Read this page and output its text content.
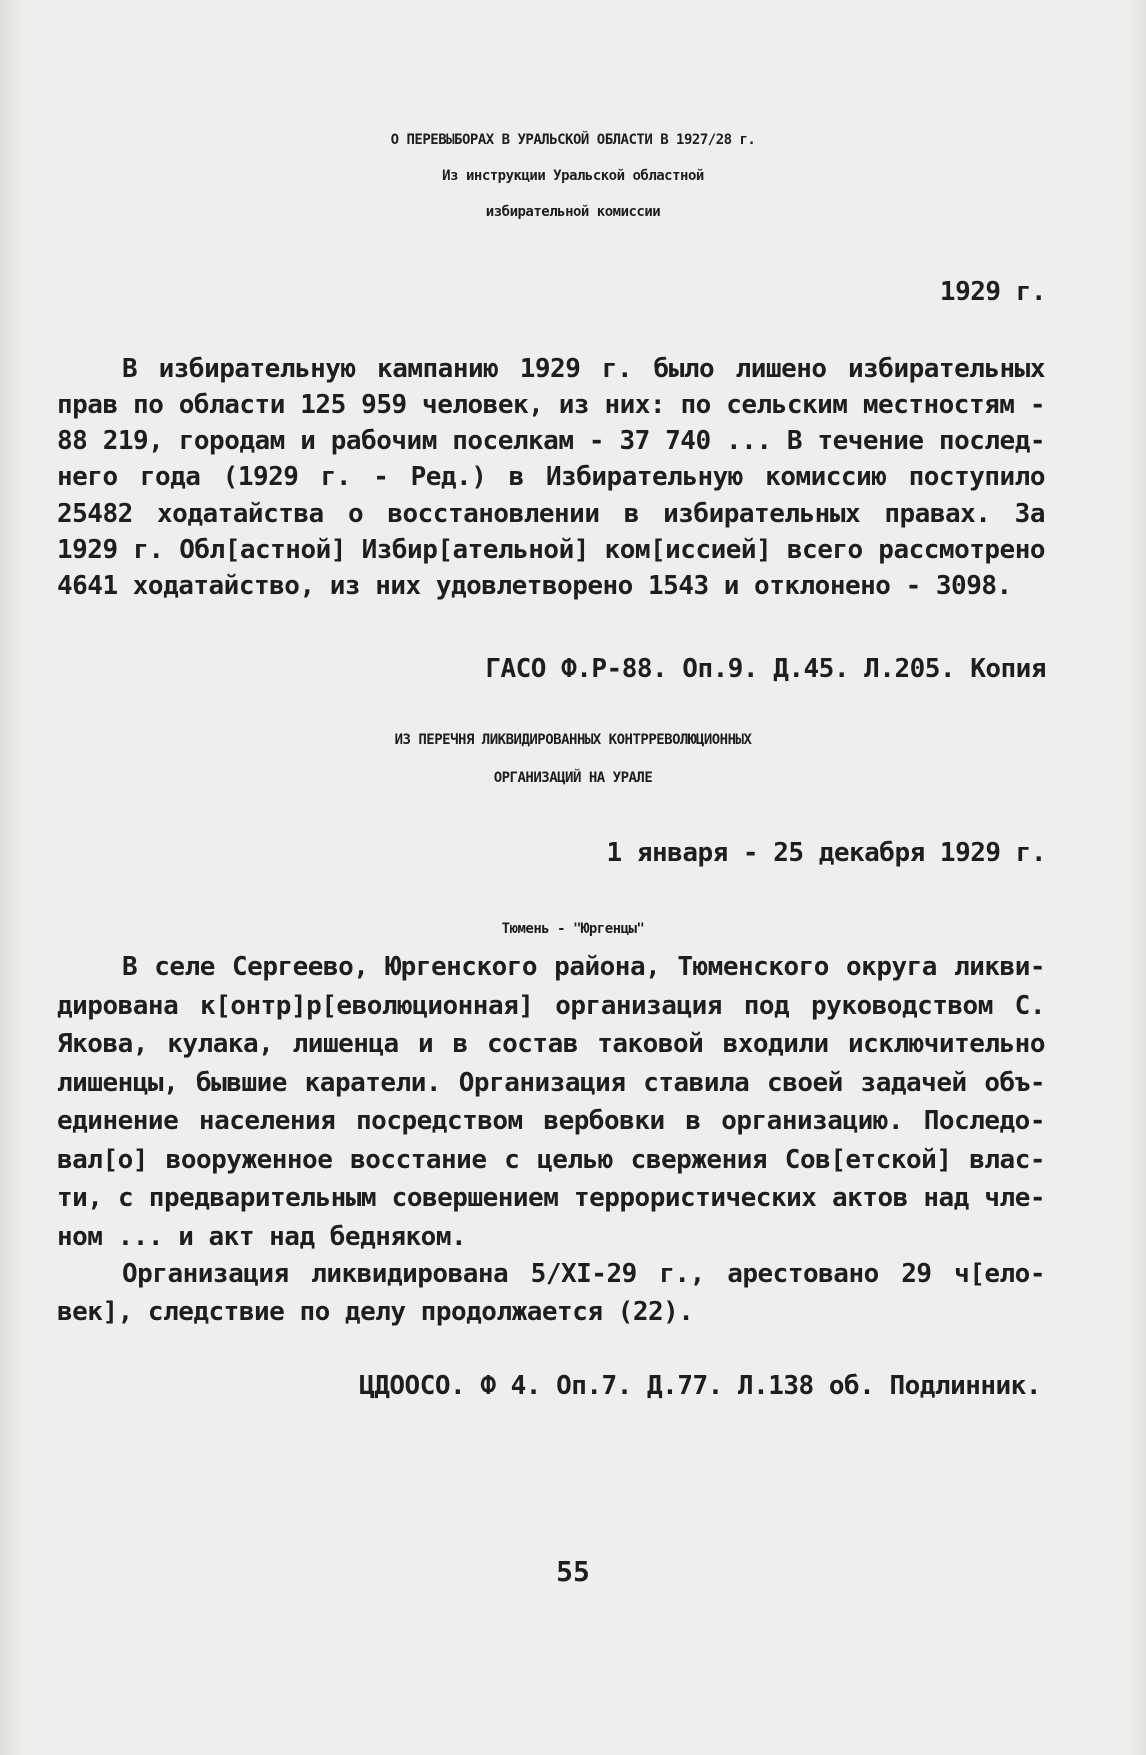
О ПЕРЕВЫБОРАХ В УРАЛЬСКОЙ ОБЛАСТИ В 1927/28 г.
Из инструкции Уральской областной
избирательной комиссии
1929 г.
В избирательную кампанию 1929 г. было лишено избирательных
прав по области 125 959 человек, из них: по сельским местностям -
88 219, городам и рабочим поселкам - 37 740 ... В течение послед-
него года (1929 г. - Ред.) в Избирательную комиссию поступило
25482 ходатайства о восстановлении в избирательных правах. За
1929 г. Обл[астной] Избир[ательной] ком[иссией] всего рассмотрено
4641 ходатайство, из них удовлетворено 1543 и отклонено - 3098.
ГАСО Ф.Р-88. Оп.9. Д.45. Л.205. Копия
ИЗ ПЕРЕЧНЯ ЛИКВИДИРОВАННЫХ КОНТРРЕВОЛЮЦИОННЫХ
ОРГАНИЗАЦИЙ НА УРАЛЕ
1 января - 25 декабря 1929 г.
Тюмень - "Юргенцы"
В селе Сергеево, Юргенского района, Тюменского округа ликви-
дирована к[онтр]р[еволюционная] организация под руководством С.
Якова, кулака, лишенца и в состав таковой входили исключительно
лишенцы, бывшие каратели. Организация ставила своей задачей объ-
единение населения посредством вербовки в организацию. Последо-
вал[о] вооруженное восстание с целью свержения Сов[етской] влас-
ти, с предварительным совершением террористических актов над чле-
ном ... и акт над бедняком.
Организация ликвидирована 5/XI-29 г., арестовано 29 ч[ело-
век], следствие по делу продолжается (22).
ЦДООСО. Ф 4. Оп.7. Д.77. Л.138 об. Подлинник.
55
